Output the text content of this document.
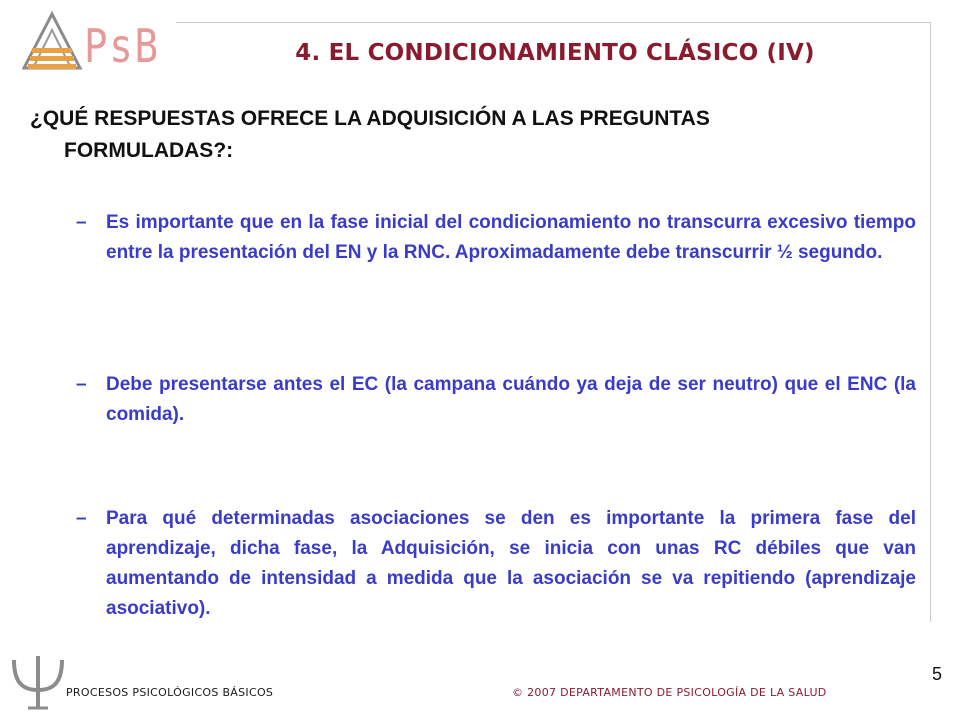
PsB	4. EL CONDICIONAMIENTO CLÁSICO (IV)
¿QUÉ RESPUESTAS OFRECE LA ADQUISICIÓN A LAS PREGUNTAS
FORMULADAS?:
– Es importante que en la fase inicial del condicionamiento no transcurra excesivo tiempo entre la presentación del EN y la RNC. Aproximadamente debe transcurrir ½ segundo.
– Debe presentarse antes el EC (la campana cuándo ya deja de ser neutro) que el ENC (la comida).
– Para qué determinadas asociaciones se den es importante la primera fase del aprendizaje, dicha fase, la Adquisición, se inicia con unas RC débiles que van aumentando de intensidad a medida que la asociación se va repitiendo (aprendizaje asociativo).
PROCESOS PSICOLÓGICOS BÁSICOS	© 2007 DEPARTAMENTO DE PSICOLOGÍA DE LA SALUD
5
